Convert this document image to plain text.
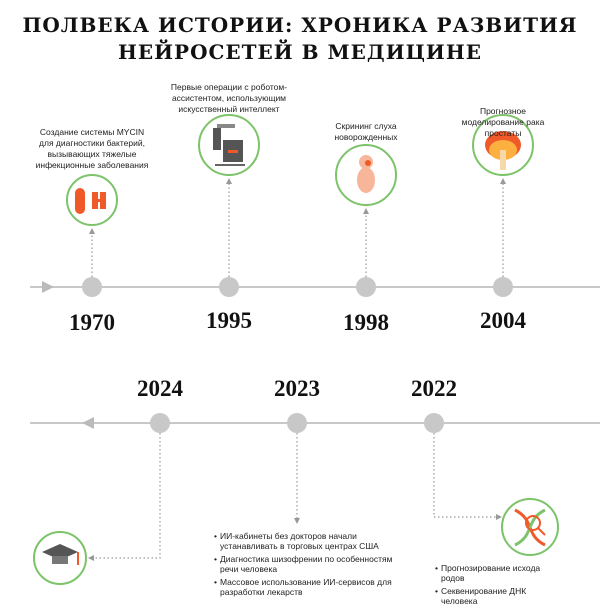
ПОЛВЕКА ИСТОРИИ: ХРОНИКА РАЗВИТИЯ
НЕЙРОСЕТЕЙ В МЕДИЦИНЕ
Создание системы MYCIN для диагностики бактерий, вызывающих тяжелые инфекционные заболевания
Первые операции с роботом-ассистентом, использующим искусственный интеллект
Скрининг слуха новорожденных
Прогнозное моделирование рака простаты
1970	1995	1998	2004
2024	2023	2022
• ИИ-кабинеты без докторов начали устанавливать в торговых центрах США
• Диагностика шизофрении по особенностям речи человека
• Массовое использование ИИ-сервисов для разработки лекарств
• Прогнозирование исхода родов
• Секвенирование ДНК человека
